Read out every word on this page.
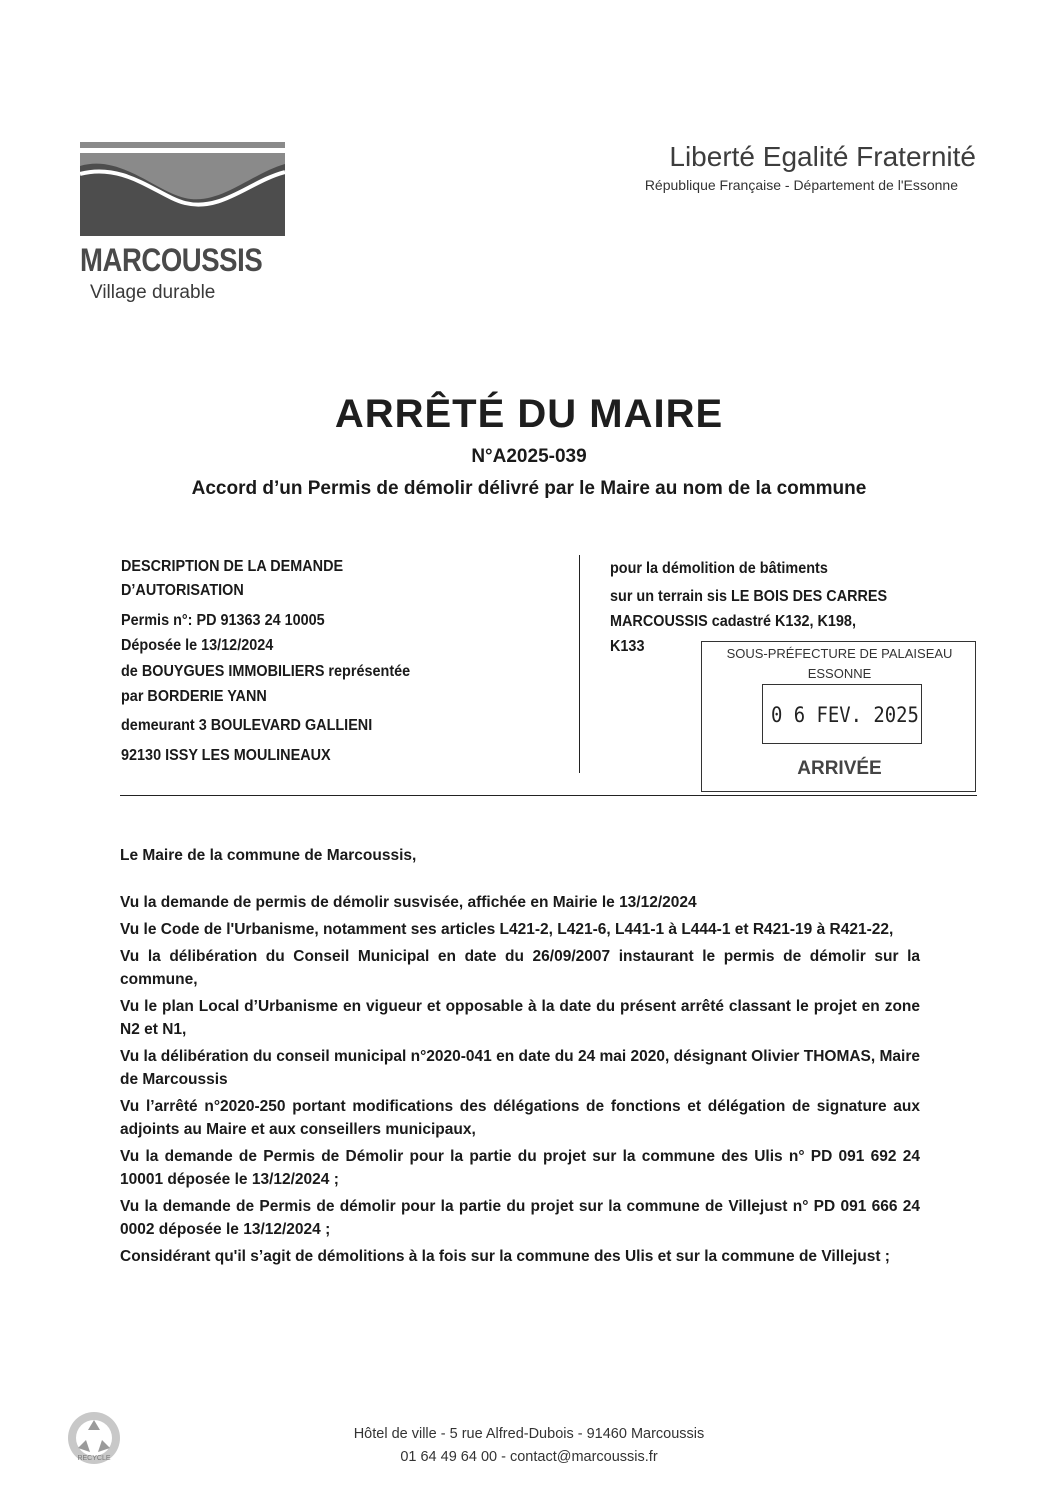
MARCOUSSIS
Village durable
Liberté Egalité Fraternité
République Française - Département de l'Essonne
ARRÊTÉ DU MAIRE
N°A2025-039
Accord d’un Permis de démolir délivré par le Maire au nom de la commune
DESCRIPTION DE LA DEMANDE
D’AUTORISATION
Permis n°: PD 91363 24 10005
Déposée le 13/12/2024
de BOUYGUES IMMOBILIERS représentée
par BORDERIE YANN
demeurant 3 BOULEVARD GALLIENI
92130 ISSY LES MOULINEAUX
pour la démolition de bâtiments
sur un terrain sis LE BOIS DES CARRES
MARCOUSSIS cadastré K132, K198,
K133	SOUS-PRÉFECTURE DE PALAISEAU
ESSONNE
0 6 FEV. 2025
ARRIVÉE

Le Maire de la commune de Marcoussis,

Vu la demande de permis de démolir susvisée, affichée en Mairie le 13/12/2024

Vu le Code de l'Urbanisme, notamment ses articles L421-2, L421-6, L441-1 à L444-1 et R421-19 à R421-22,

Vu la délibération du Conseil Municipal en date du 26/09/2007 instaurant le permis de démolir sur la commune,

Vu le plan Local d’Urbanisme en vigueur et opposable à la date du présent arrêté classant le projet en zone N2 et N1,

Vu la délibération du conseil municipal n°2020-041 en date du 24 mai 2020, désignant Olivier THOMAS, Maire de Marcoussis

Vu l’arrêté n°2020-250 portant modifications des délégations de fonctions et délégation de signature aux adjoints au Maire et aux conseillers municipaux,

Vu la demande de Permis de Démolir pour la partie du projet sur la commune des Ulis n° PD 091 692 24 10001 déposée le 13/12/2024 ;

Vu la demande de Permis de démolir pour la partie du projet sur la commune de Villejust n° PD 091 666 24 0002 déposée le 13/12/2024 ;

Considérant qu'il s’agit de démolitions à la fois sur la commune des Ulis et sur la commune de Villejust ;

RECYCLE
Hôtel de ville - 5 rue Alfred-Dubois - 91460 Marcoussis
01 64 49 64 00 - contact@marcoussis.fr
